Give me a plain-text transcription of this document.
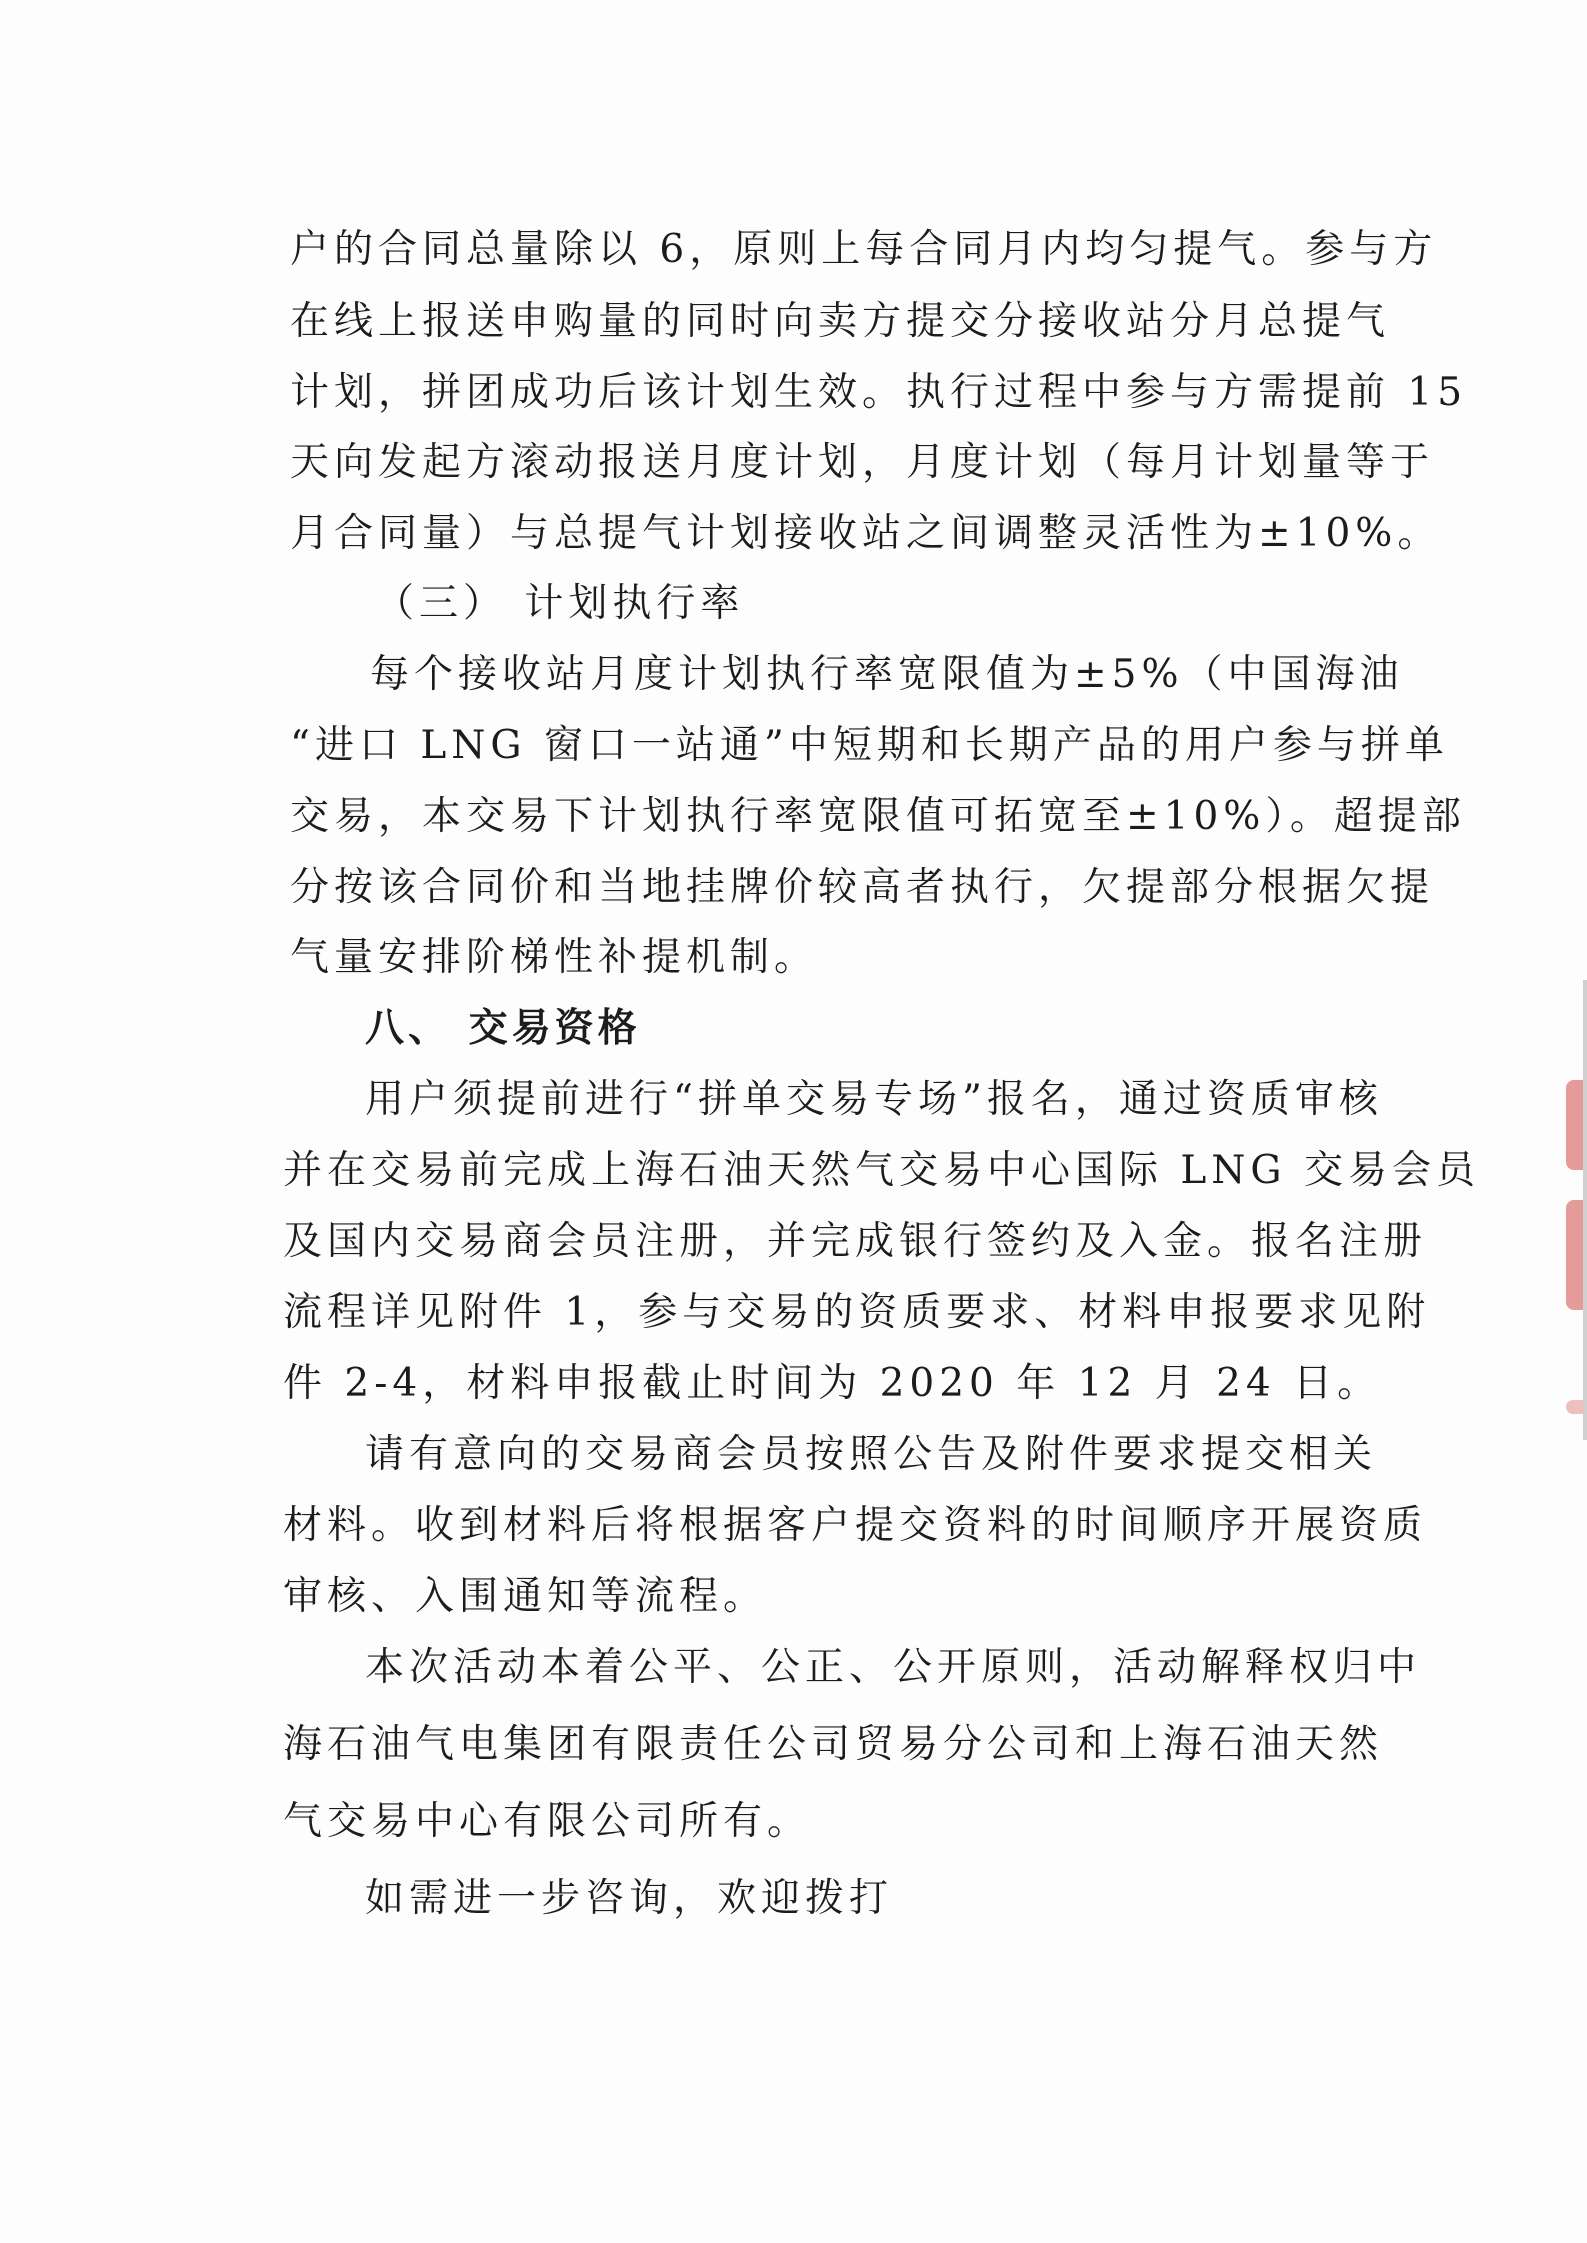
户的合同总量除以 6，原则上每合同月内均匀提气。参与方
在线上报送申购量的同时向卖方提交分接收站分月总提气
计划，拼团成功后该计划生效。执行过程中参与方需提前 15
天向发起方滚动报送月度计划，月度计划（每月计划量等于
月合同量）与总提气计划接收站之间调整灵活性为±10%。
（三） 计划执行率
每个接收站月度计划执行率宽限值为±5%（中国海油
“进口 LNG 窗口一站通”中短期和长期产品的用户参与拼单
交易，本交易下计划执行率宽限值可拓宽至±10%）。超提部
分按该合同价和当地挂牌价较高者执行，欠提部分根据欠提
气量安排阶梯性补提机制。
八、 交易资格
用户须提前进行“拼单交易专场”报名，通过资质审核
并在交易前完成上海石油天然气交易中心国际 LNG 交易会员
及国内交易商会员注册，并完成银行签约及入金。报名注册
流程详见附件 1，参与交易的资质要求、材料申报要求见附
件 2-4，材料申报截止时间为 2020 年 12 月 24 日。
请有意向的交易商会员按照公告及附件要求提交相关
材料。收到材料后将根据客户提交资料的时间顺序开展资质
审核、入围通知等流程。
本次活动本着公平、公正、公开原则，活动解释权归中
海石油气电集团有限责任公司贸易分公司和上海石油天然
气交易中心有限公司所有。
如需进一步咨询，欢迎拨打
